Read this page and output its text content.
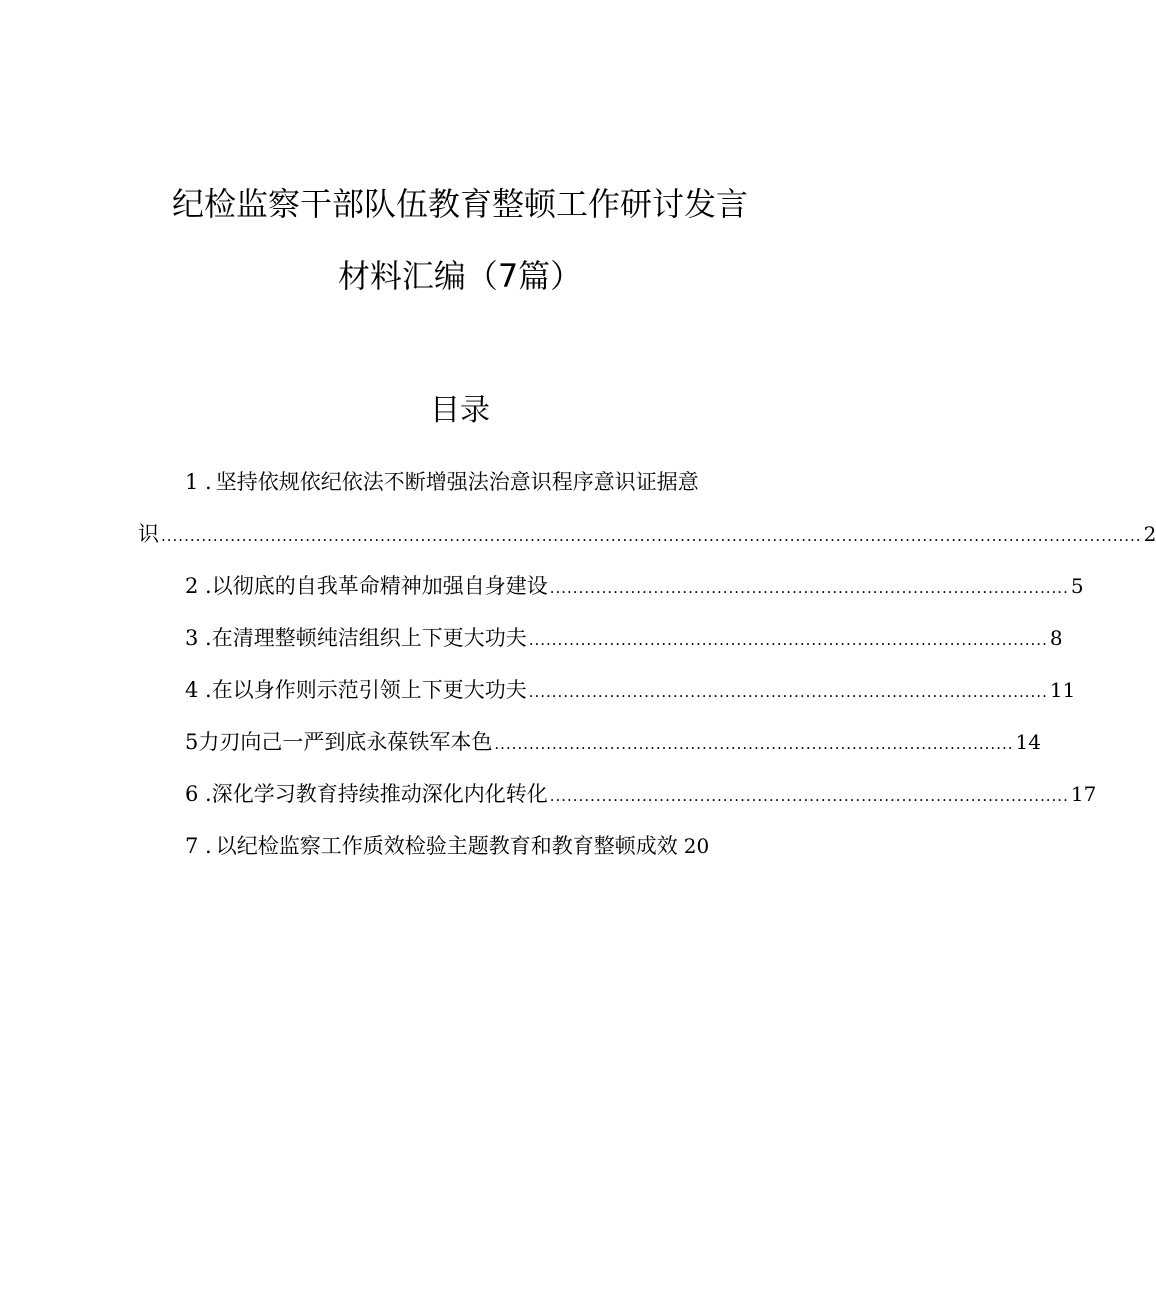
纪检监察干部队伍教育整顿工作研讨发言
材料汇编（7篇）
目录
1 . 坚持依规依纪依法不断增强法治意识程序意识证据意
识 .......................................................................................................................................................................... 2
2 . 以彻底的自我革命精神加强自身建设 .......................................................................................... 5
3 . 在清理整顿纯洁组织上下更大功夫 .......................................................................................... 8
4 . 在以身作则示范引领上下更大功夫 .......................................................................................... 11
5 力刃向己一严到底永葆铁军本色 .......................................................................................... 14
6 . 深化学习教育持续推动深化内化转化 .......................................................................................... 17
7 . 以纪检监察工作质效检验主题教育和教育整顿成效 20
